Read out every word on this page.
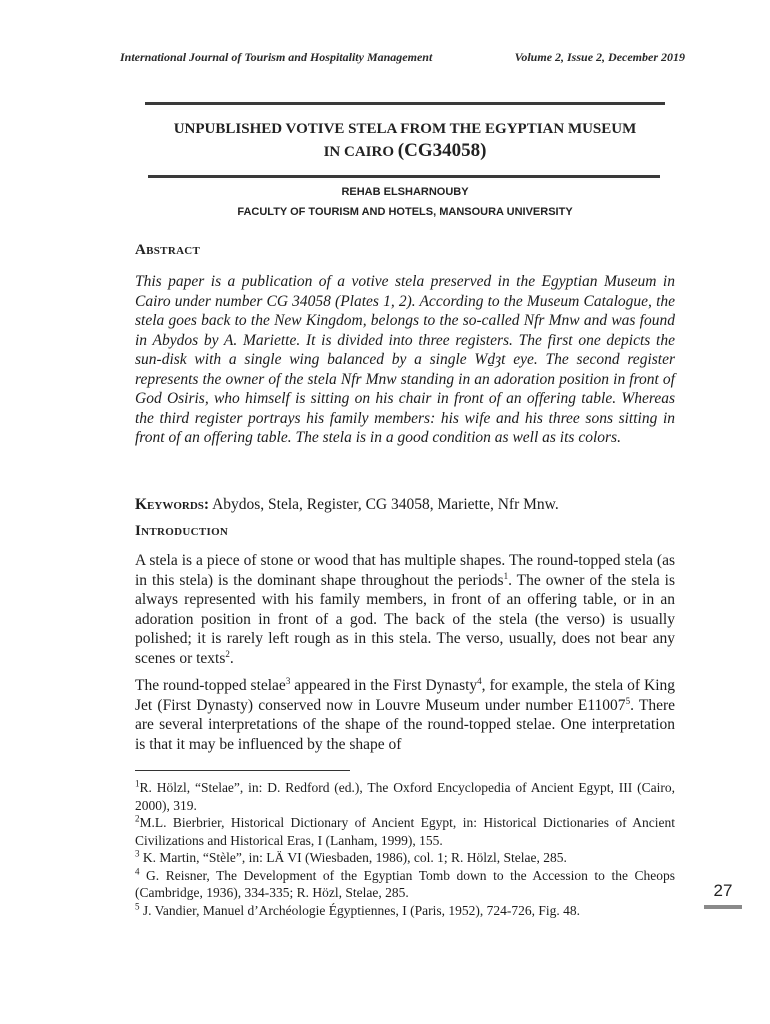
International Journal of Tourism and Hospitality Management	Volume 2, Issue 2, December 2019
UNPUBLISHED VOTIVE STELA FROM THE EGYPTIAN MUSEUM
IN CAIRO (CG34058)
REHAB ELSHARNOUBY
FACULTY OF TOURISM AND HOTELS, MANSOURA UNIVERSITY
Abstract
This paper is a publication of a votive stela preserved in the Egyptian Museum in Cairo under number CG 34058 (Plates 1, 2). According to the Museum Catalogue, the stela goes back to the New Kingdom, belongs to the so-called Nfr Mnw and was found in Abydos by A. Mariette. It is divided into three registers. The first one depicts the sun-disk with a single wing balanced by a single Wḏȝt eye. The second register represents the owner of the stela Nfr Mnw standing in an adoration position in front of God Osiris, who himself is sitting on his chair in front of an offering table. Whereas the third register portrays his family members: his wife and his three sons sitting in front of an offering table. The stela is in a good condition as well as its colors.
Keywords: Abydos, Stela, Register, CG 34058, Mariette, Nfr Mnw.
Introduction
A stela is a piece of stone or wood that has multiple shapes. The round-topped stela (as in this stela) is the dominant shape throughout the periods$^1$. The owner of the stela is always represented with his family members, in front of an offering table, or in an adoration position in front of a god. The back of the stela (the verso) is usually polished; it is rarely left rough as in this stela. The verso, usually, does not bear any scenes or texts$^2$.
The round-topped stelae$^3$ appeared in the First Dynasty$^4$, for example, the stela of King Jet (First Dynasty) conserved now in Louvre Museum under number E11007$^5$. There are several interpretations of the shape of the round-topped stelae. One interpretation is that it may be influenced by the shape of

$^1$R. Hölzl, “Stelae”, in: D. Redford (ed.), The Oxford Encyclopedia of Ancient Egypt, III (Cairo, 2000), 319.

$^2$M.L. Bierbrier, Historical Dictionary of Ancient Egypt, in: Historical Dictionaries of Ancient Civilizations and Historical Eras, I (Lanham, 1999), 155.

$^3$ K. Martin, “Stèle”, in: LÄ VI (Wiesbaden, 1986), col. 1; R. Hölzl, Stelae, 285.

$^4$ G. Reisner, The Development of the Egyptian Tomb down to the Accession to the Cheops (Cambridge, 1936), 334-335; R. Hözl, Stelae, 285.

$^5$ J. Vandier, Manuel d’Archéologie Égyptiennes, I (Paris, 1952), 724-726, Fig. 48.

27
